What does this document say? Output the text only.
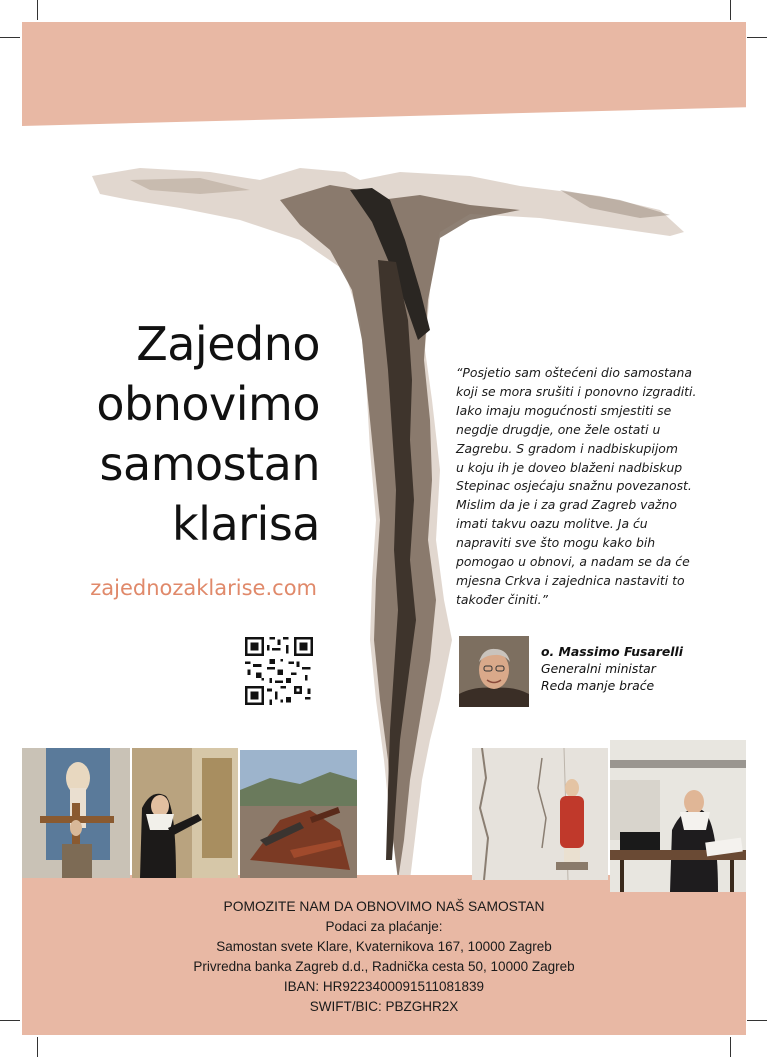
Zajedno
obnovimo
samostan
klarisa
zajednozaklarise.com
“Posjetio sam oštećeni dio samostana
koji se mora srušiti i ponovno izgraditi.
Iako imaju mogućnosti smjestiti se
negdje drugdje, one žele ostati u
Zagrebu. S gradom i nadbiskupijom
u koju ih je doveo blaženi nadbiskup
Stepinac osjećaju snažnu povezanost.
Mislim da je i za grad Zagreb važno
imati takvu oazu molitve. Ja ću
napraviti sve što mogu kako bih
pomogao u obnovi, a nadam se da će
mjesna Crkva i zajednica nastaviti to
također činiti.”
o. Massimo Fusarelli
Generalni ministar
Reda manje braće
POMOZITE NAM DA OBNOVIMO NAŠ SAMOSTAN
Podaci za plaćanje:
Samostan svete Klare, Kvaternikova 167, 10000 Zagreb
Privredna banka Zagreb d.d., Radnička cesta 50, 10000 Zagreb
IBAN: HR9223400091511081839
SWIFT/BIC: PBZGHR2X
